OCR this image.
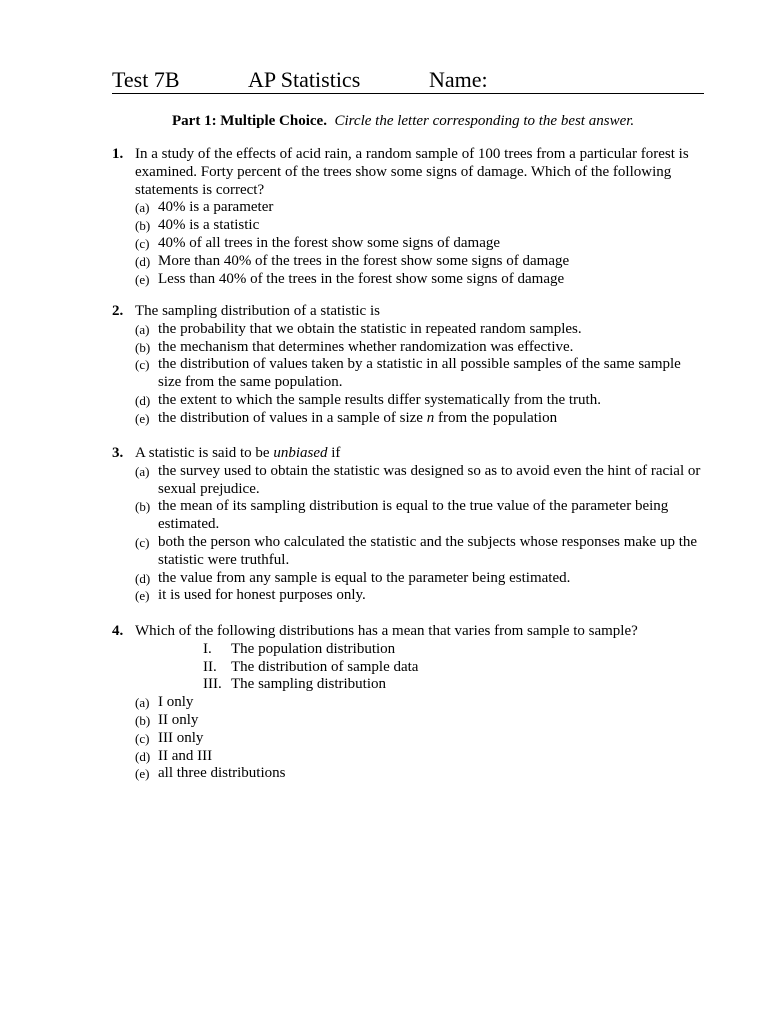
Test 7B	AP Statistics	Name:
Part 1: Multiple Choice. Circle the letter corresponding to the best answer.
1. In a study of the effects of acid rain, a random sample of 100 trees from a particular forest is examined. Forty percent of the trees show some signs of damage. Which of the following statements is correct?
(a) 40% is a parameter
(b) 40% is a statistic
(c) 40% of all trees in the forest show some signs of damage
(d) More than 40% of the trees in the forest show some signs of damage
(e) Less than 40% of the trees in the forest show some signs of damage
2. The sampling distribution of a statistic is
(a) the probability that we obtain the statistic in repeated random samples.
(b) the mechanism that determines whether randomization was effective.
(c) the distribution of values taken by a statistic in all possible samples of the same sample size from the same population.
(d) the extent to which the sample results differ systematically from the truth.
(e) the distribution of values in a sample of size n from the population
3. A statistic is said to be unbiased if
(a) the survey used to obtain the statistic was designed so as to avoid even the hint of racial or sexual prejudice.
(b) the mean of its sampling distribution is equal to the true value of the parameter being estimated.
(c) both the person who calculated the statistic and the subjects whose responses make up the statistic were truthful.
(d) the value from any sample is equal to the parameter being estimated.
(e) it is used for honest purposes only.
4. Which of the following distributions has a mean that varies from sample to sample?
I. The population distribution
II. The distribution of sample data
III. The sampling distribution
(a) I only
(b) II only
(c) III only
(d) II and III
(e) all three distributions
